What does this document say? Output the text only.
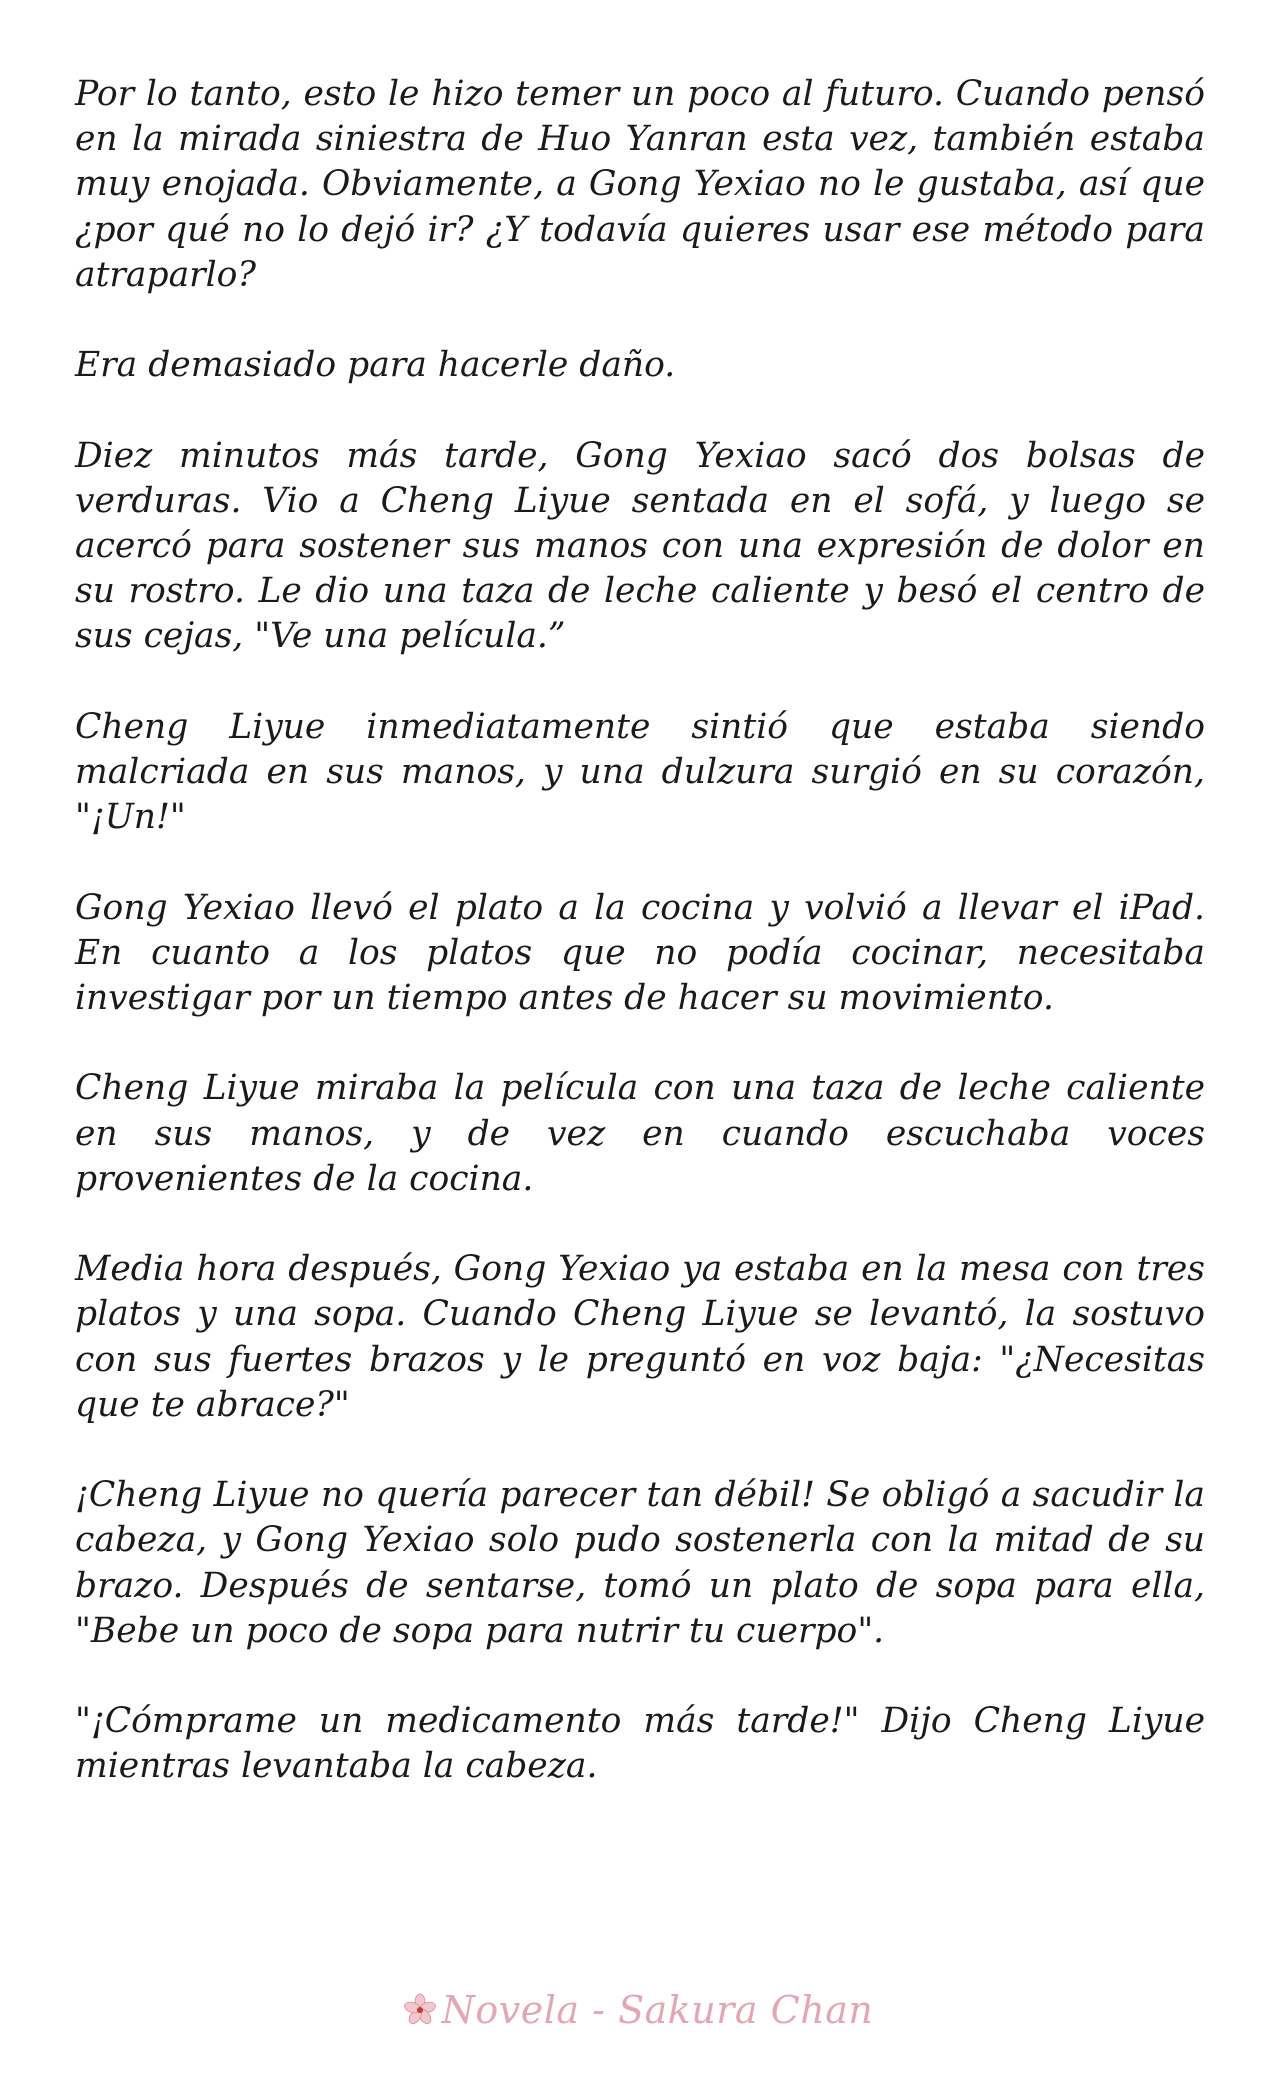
Por lo tanto, esto le hizo temer un poco al futuro. Cuando pensó en la mirada siniestra de Huo Yanran esta vez, también estaba muy enojada. Obviamente, a Gong Yexiao no le gustaba, así que ¿por qué no lo dejó ir? ¿Y todavía quieres usar ese método para atraparlo?

Era demasiado para hacerle daño.

Diez minutos más tarde, Gong Yexiao sacó dos bolsas de verduras. Vio a Cheng Liyue sentada en el sofá, y luego se acercó para sostener sus manos con una expresión de dolor en su rostro. Le dio una taza de leche caliente y besó el centro de sus cejas, "Ve una película.”

Cheng Liyue inmediatamente sintió que estaba siendo malcriada en sus manos, y una dulzura surgió en su corazón, "¡Un!"

Gong Yexiao llevó el plato a la cocina y volvió a llevar el iPad. En cuanto a los platos que no podía cocinar, necesitaba investigar por un tiempo antes de hacer su movimiento.

Cheng Liyue miraba la película con una taza de leche caliente en sus manos, y de vez en cuando escuchaba voces provenientes de la cocina.

Media hora después, Gong Yexiao ya estaba en la mesa con tres platos y una sopa. Cuando Cheng Liyue se levantó, la sostuvo con sus fuertes brazos y le preguntó en voz baja: "¿Necesitas que te abrace?"

¡Cheng Liyue no quería parecer tan débil! Se obligó a sacudir la cabeza, y Gong Yexiao solo pudo sostenerla con la mitad de su brazo. Después de sentarse, tomó un plato de sopa para ella, "Bebe un poco de sopa para nutrir tu cuerpo".

"¡Cómprame un medicamento más tarde!" Dijo Cheng Liyue mientras levantaba la cabeza.

Novela - Sakura Chan
